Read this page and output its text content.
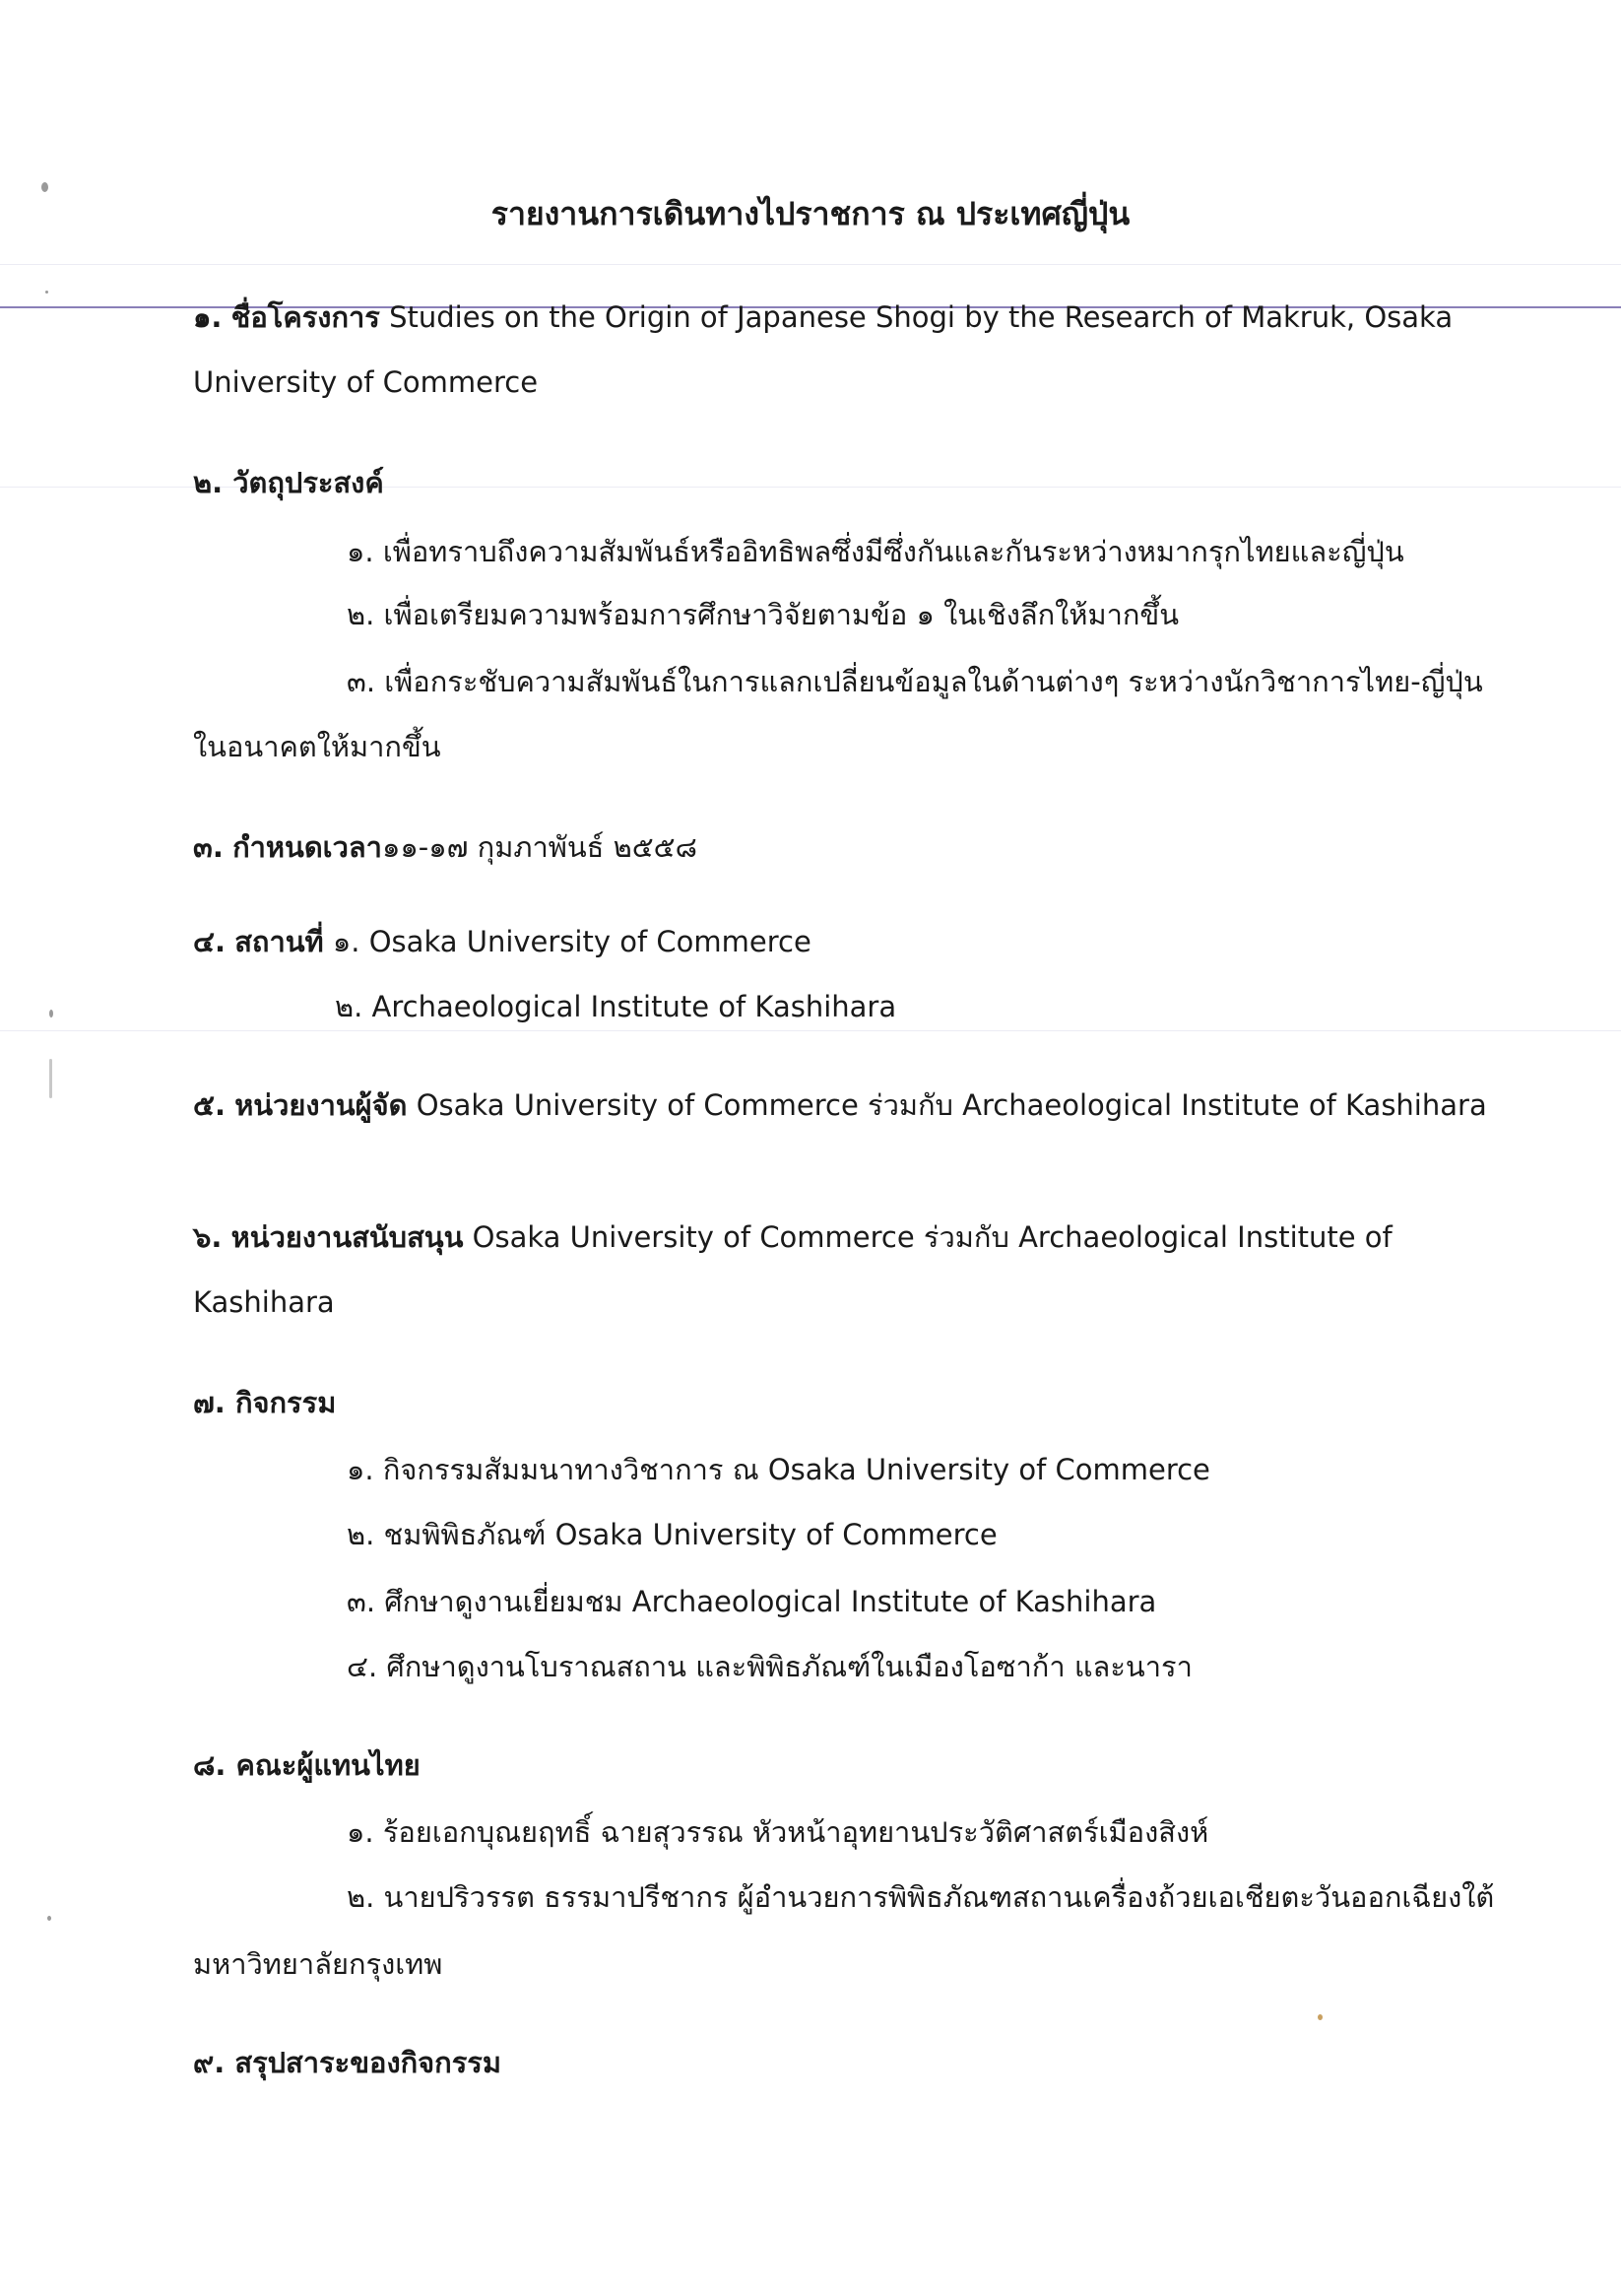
รายงานการเดินทางไปราชการ ณ ประเทศญี่ปุ่น
๑. ชื่อโครงการ Studies on the Origin of Japanese Shogi by the Research of Makruk, Osaka
University of Commerce
๒. วัตถุประสงค์
๑. เพื่อทราบถึงความสัมพันธ์หรืออิทธิพลซึ่งมีซึ่งกันและกันระหว่างหมากรุกไทยและญี่ปุ่น
๒. เพื่อเตรียมความพร้อมการศึกษาวิจัยตามข้อ ๑ ในเชิงลึกให้มากขึ้น
๓. เพื่อกระชับความสัมพันธ์ในการแลกเปลี่ยนข้อมูลในด้านต่างๆ ระหว่างนักวิชาการไทย-ญี่ปุ่น
ในอนาคตให้มากขึ้น
๓. กำหนดเวลา๑๑-๑๗ กุมภาพันธ์ ๒๕๕๘
๔. สถานที่ ๑. Osaka University of Commerce
๒. Archaeological Institute of Kashihara
๕. หน่วยงานผู้จัด Osaka University of Commerce ร่วมกับ Archaeological Institute of Kashihara
๖. หน่วยงานสนับสนุน Osaka University of Commerce ร่วมกับ Archaeological Institute of
Kashihara
๗. กิจกรรม
๑. กิจกรรมสัมมนาทางวิชาการ ณ Osaka University of Commerce
๒. ชมพิพิธภัณฑ์ Osaka University of Commerce
๓. ศึกษาดูงานเยี่ยมชม Archaeological Institute of Kashihara
๔. ศึกษาดูงานโบราณสถาน และพิพิธภัณฑ์ในเมืองโอซาก้า และนารา
๘. คณะผู้แทนไทย
๑. ร้อยเอกบุณยฤทธิ์ ฉายสุวรรณ หัวหน้าอุทยานประวัติศาสตร์เมืองสิงห์
๒. นายปริวรรต ธรรมาปรีชากร ผู้อำนวยการพิพิธภัณฑสถานเครื่องถ้วยเอเชียตะวันออกเฉียงใต้
มหาวิทยาลัยกรุงเทพ
๙. สรุปสาระของกิจกรรม
